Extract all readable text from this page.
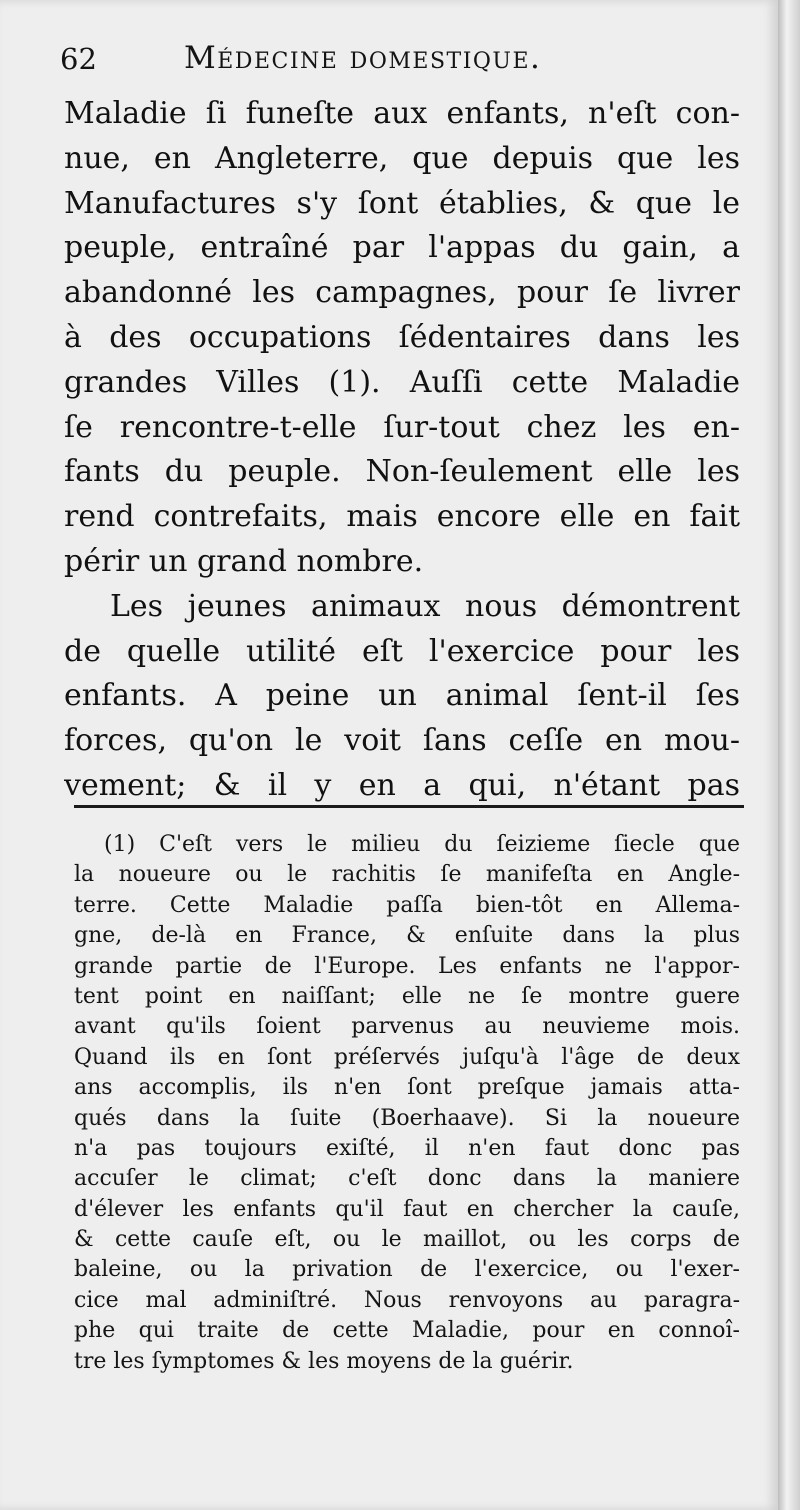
62	Médecine domestique.
Maladie ſi funeſte aux enfants, n'eſt con-
nue, en Angleterre, que depuis que les
Manufactures s'y ſont établies, & que le
peuple, entraîné par l'appas du gain, a
abandonné les campagnes, pour ſe livrer
à des occupations ſédentaires dans les
grandes Villes (1). Auſſi cette Maladie
ſe rencontre-t-elle ſur-tout chez les en-
fants du peuple. Non-ſeulement elle les
rend contrefaits, mais encore elle en fait
périr un grand nombre.
Les jeunes animaux nous démontrent
de quelle utilité eſt l'exercice pour les
enfants. A peine un animal ſent-il ſes
forces, qu'on le voit ſans ceſſe en mou-
vement; & il y en a qui, n'étant pas
(1) C'eſt vers le milieu du ſeizieme ſiecle que
la noueure ou le rachitis ſe manifeſta en Angle-
terre. Cette Maladie paſſa bien-tôt en Allema-
gne, de-là en France, & enſuite dans la plus
grande partie de l'Europe. Les enfants ne l'appor-
tent point en naiſſant; elle ne ſe montre guere
avant qu'ils ſoient parvenus au neuvieme mois.
Quand ils en ſont préſervés juſqu'à l'âge de deux
ans accomplis, ils n'en ſont preſque jamais atta-
qués dans la ſuite (Boerhaave). Si la noueure
n'a pas toujours exiſté, il n'en faut donc pas
accuſer le climat; c'eſt donc dans la maniere
d'élever les enfants qu'il faut en chercher la cauſe,
& cette cauſe eſt, ou le maillot, ou les corps de
baleine, ou la privation de l'exercice, ou l'exer-
cice mal adminiſtré. Nous renvoyons au paragra-
phe qui traite de cette Maladie, pour en connoî-
tre les ſymptomes & les moyens de la guérir.
